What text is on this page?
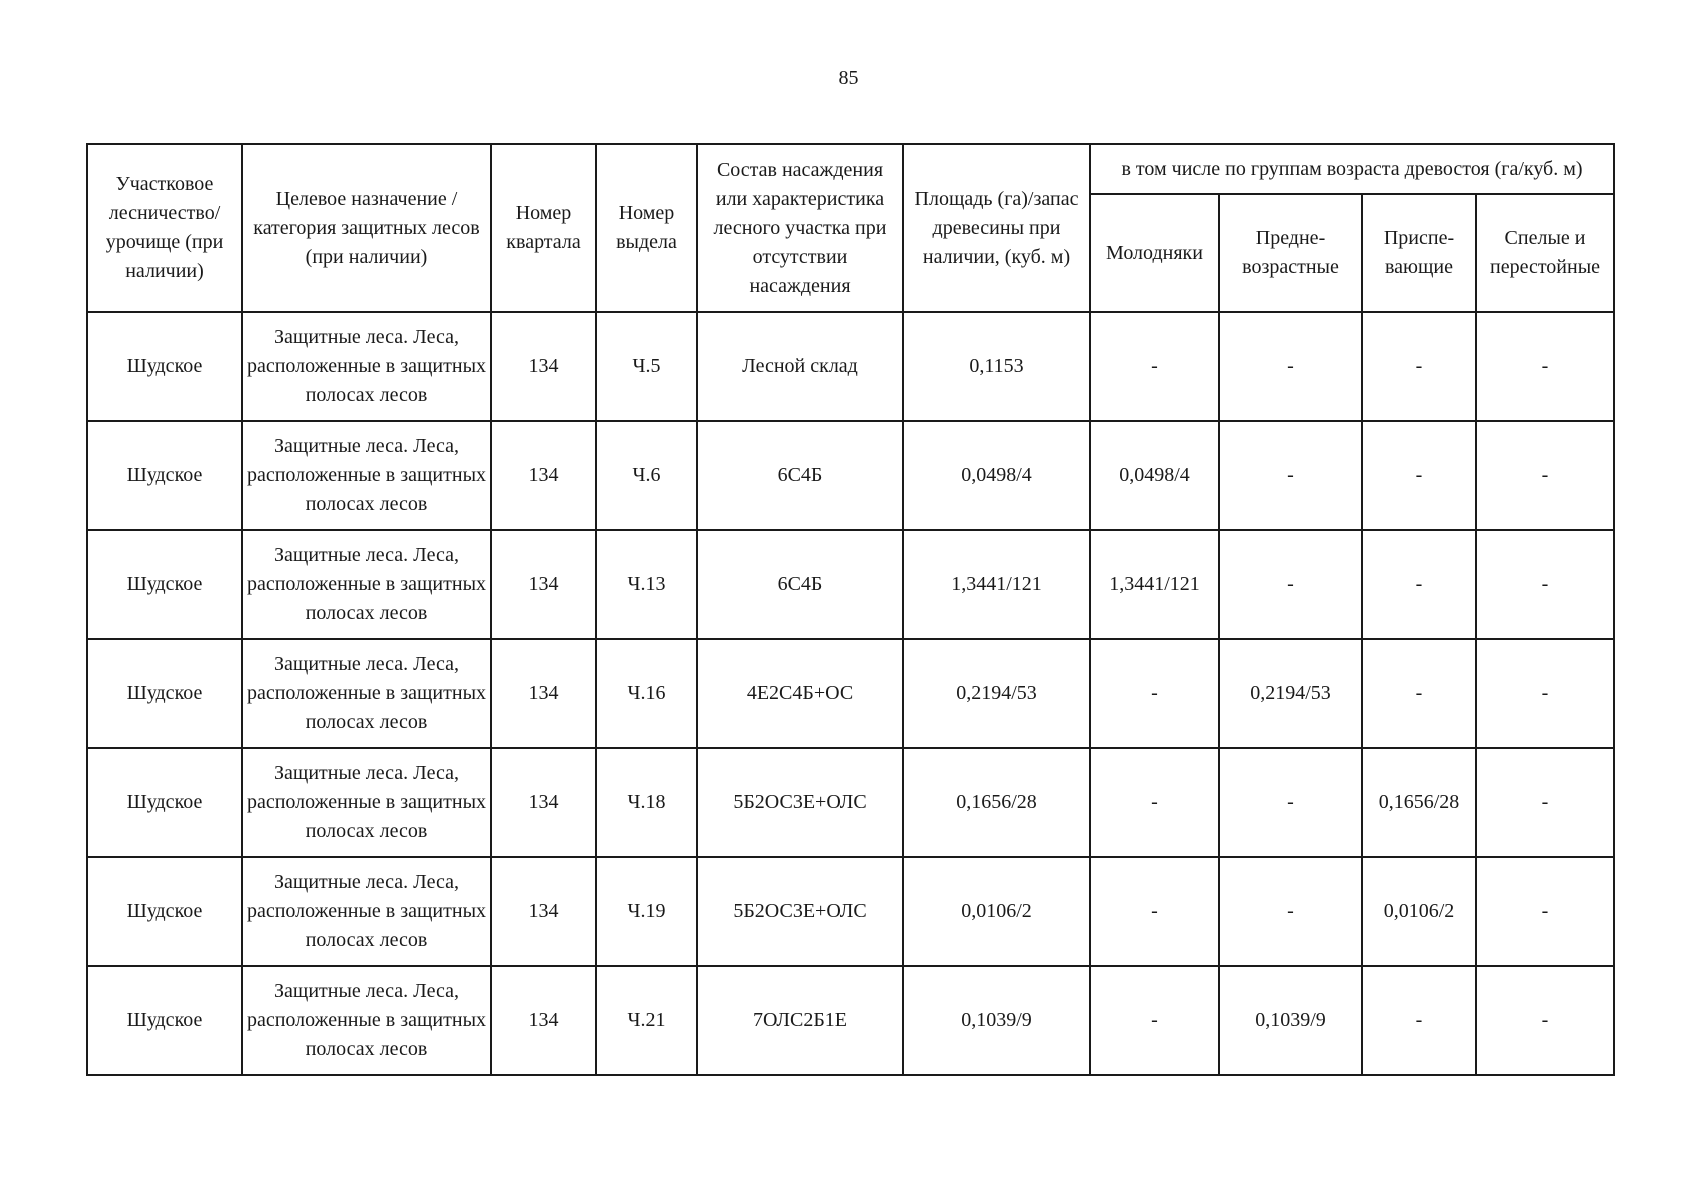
85
Участковое лесничество/ урочище (при наличии)	Целевое назначение / категория защитных лесов (при наличии)	Номер квартала	Номер выдела	Состав насаждения или характеристика лесного участка при отсутствии насаждения	Площадь (га)/запас древесины при наличии, (куб. м)	в том числе по группам возраста древостоя (га/куб. м)			
						Молодняки	Предне-возрастные	Приспе-вающие	Спелые и перестойные
Шудское	Защитные леса. Леса, расположенные в защитных полосах лесов	134	Ч.5	Лесной склад	0,1153	-	-	-	-
Шудское	Защитные леса. Леса, расположенные в защитных полосах лесов	134	Ч.6	6С4Б	0,0498/4	0,0498/4	-	-	-
Шудское	Защитные леса. Леса, расположенные в защитных полосах лесов	134	Ч.13	6С4Б	1,3441/121	1,3441/121	-	-	-
Шудское	Защитные леса. Леса, расположенные в защитных полосах лесов	134	Ч.16	4Е2С4Б+ОС	0,2194/53	-	0,2194/53	-	-
Шудское	Защитные леса. Леса, расположенные в защитных полосах лесов	134	Ч.18	5Б2ОС3Е+ОЛС	0,1656/28	-	-	0,1656/28	-
Шудское	Защитные леса. Леса, расположенные в защитных полосах лесов	134	Ч.19	5Б2ОС3Е+ОЛС	0,0106/2	-	-	0,0106/2	-
Шудское	Защитные леса. Леса, расположенные в защитных полосах лесов	134	Ч.21	7ОЛС2Б1Е	0,1039/9	-	0,1039/9	-	-
